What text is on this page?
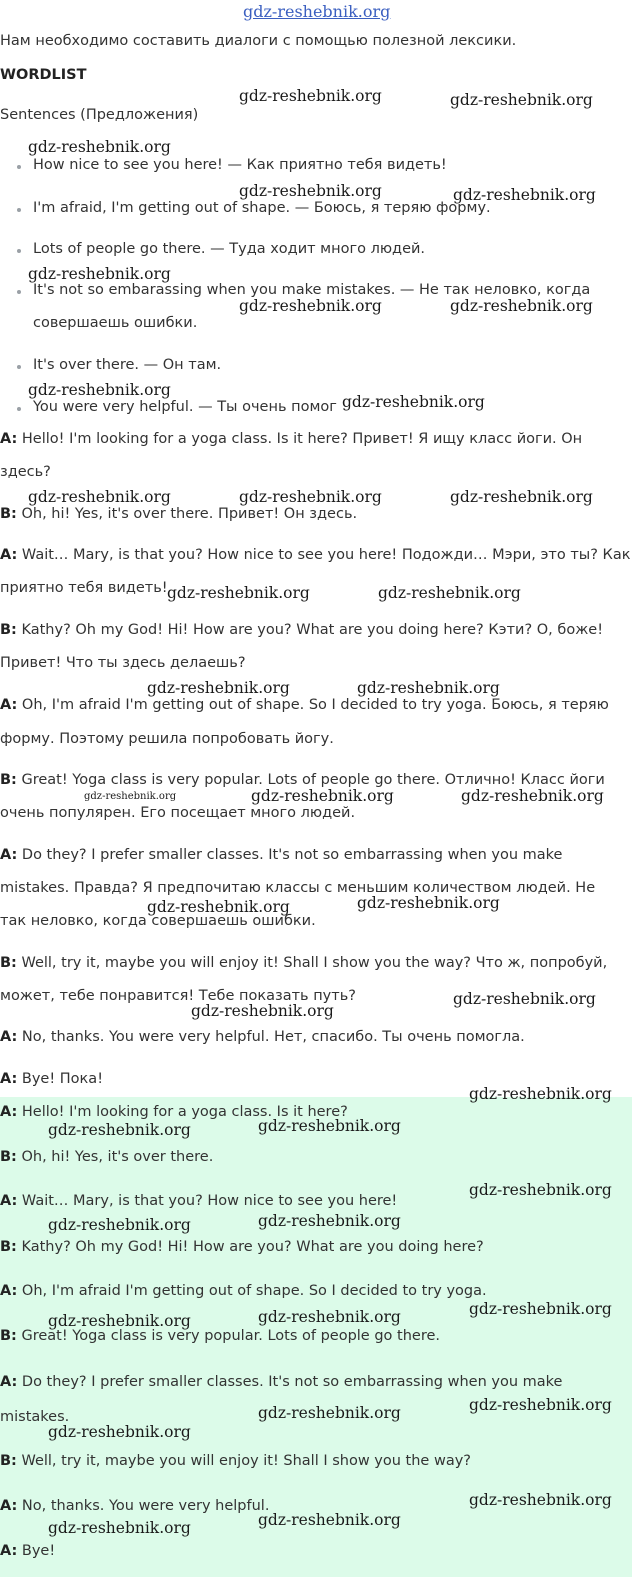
Нам необходимо составить диалоги с помощью полезной лексики.
WORDLIST
Sentences (Предложения)
How nice to see you here! — Как приятно тебя видеть!
I'm afraid, I'm getting out of shape. — Боюсь, я теряю форму.
Lots of people go there. — Туда ходит много людей.
It's not so embarassing when you make mistakes. — Не так неловко, когда
совершаешь ошибки.
It's over there. — Он там.
You were very helpful. — Ты очень помог
A: Hello! I'm looking for a yoga class. Is it here? Привет! Я ищу класс йоги. Он
здесь?
B: Oh, hi! Yes, it's over there. Привет! Он здесь.
A: Wait… Mary, is that you? How nice to see you here! Подожди… Мэри, это ты? Как
приятно тебя видеть!
B: Kathy? Oh my God! Hi! How are you? What are you doing here? Кэти? О, боже!
Привет! Что ты здесь делаешь?
A: Oh, I'm afraid I'm getting out of shape. So I decided to try yoga. Боюсь, я теряю
форму. Поэтому решила попробовать йогу.
B: Great! Yoga class is very popular. Lots of people go there. Отлично! Класс йоги
очень популярен. Его посещает много людей.
A: Do they? I prefer smaller classes. It's not so embarrassing when you make
mistakes. Правда? Я предпочитаю классы с меньшим количеством людей. Не
так неловко, когда совершаешь ошибки.
B: Well, try it, maybe you will enjoy it! Shall I show you the way? Что ж, попробуй,
может, тебе понравится! Тебе показать путь?
A: No, thanks. You were very helpful. Нет, спасибо. Ты очень помогла.
A: Bye! Пока!
A: Hello! I'm looking for a yoga class. Is it here?
B: Oh, hi! Yes, it's over there.
A: Wait… Mary, is that you? How nice to see you here!
B: Kathy? Oh my God! Hi! How are you? What are you doing here?
A: Oh, I'm afraid I'm getting out of shape. So I decided to try yoga.
B: Great! Yoga class is very popular. Lots of people go there.
A: Do they? I prefer smaller classes. It's not so embarrassing when you make
mistakes.
B: Well, try it, maybe you will enjoy it! Shall I show you the way?
A: No, thanks. You were very helpful.
A: Bye!
gdz-reshebnik.org
gdz-reshebnik.org	gdz-reshebnik.org
gdz-reshebnik.org
gdz-reshebnik.org	gdz-reshebnik.org
gdz-reshebnik.org
gdz-reshebnik.org	gdz-reshebnik.org
gdz-reshebnik.org
gdz-reshebnik.org
gdz-reshebnik.org	gdz-reshebnik.org	gdz-reshebnik.org
gdz-reshebnik.org	gdz-reshebnik.org
gdz-reshebnik.org	gdz-reshebnik.org
gdz-reshebnik.org	gdz-reshebnik.org	gdz-reshebnik.org
gdz-reshebnik.org	gdz-reshebnik.org
gdz-reshebnik.org
gdz-reshebnik.org
gdz-reshebnik.org
gdz-reshebnik.org	gdz-reshebnik.org
gdz-reshebnik.org
gdz-reshebnik.org	gdz-reshebnik.org
gdz-reshebnik.org
gdz-reshebnik.org	gdz-reshebnik.org
gdz-reshebnik.org
gdz-reshebnik.org
gdz-reshebnik.org
gdz-reshebnik.org
gdz-reshebnik.org	gdz-reshebnik.org
